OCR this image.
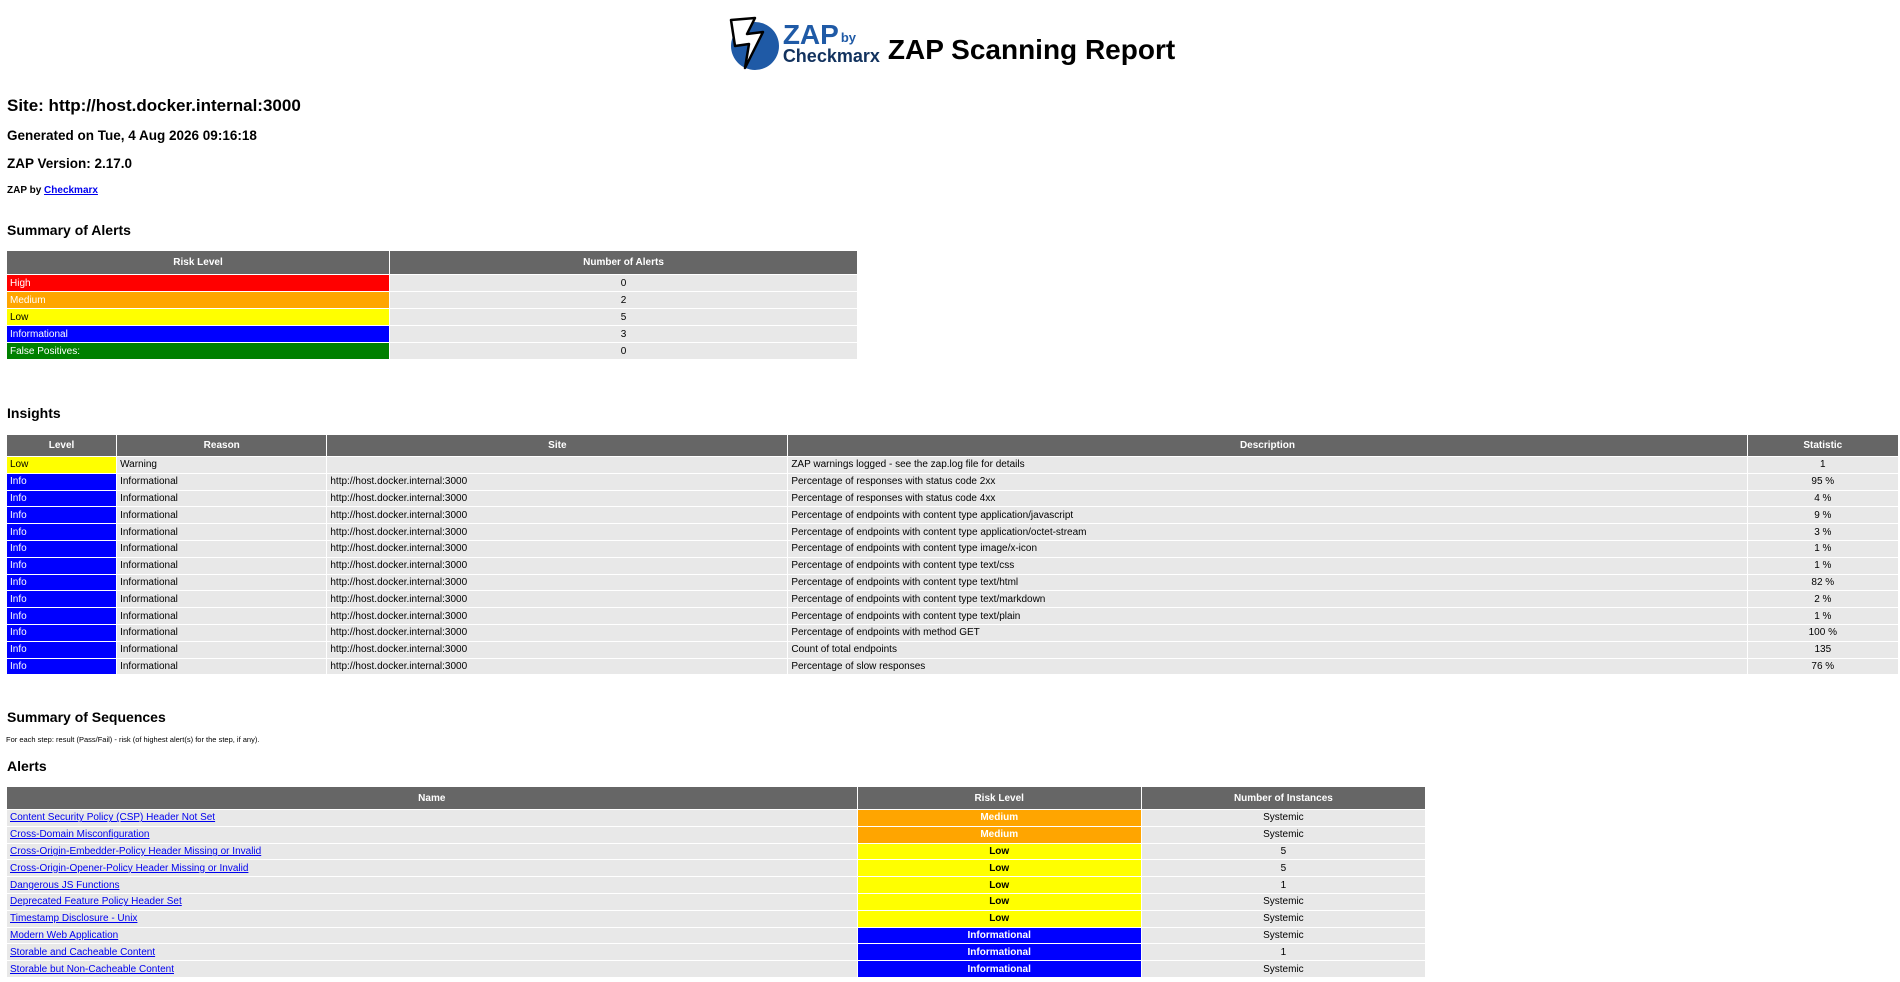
ZAP by
Checkmarx ZAP Scanning Report
Site: http://host.docker.internal:3000
Generated on Tue, 4 Aug 2026 09:16:18
ZAP Version: 2.17.0
ZAP by Checkmarx
Summary of Alerts
Risk Level	Number of Alerts
High	0
Medium	2
Low	5
Informational	3
False Positives:	0
Insights
Level	Reason	Site	Description	Statistic
Low	Warning		ZAP warnings logged - see the zap.log file for details	1
Info	Informational	http://host.docker.internal:3000	Percentage of responses with status code 2xx	95 %
Info	Informational	http://host.docker.internal:3000	Percentage of responses with status code 4xx	4 %
Info	Informational	http://host.docker.internal:3000	Percentage of endpoints with content type application/javascript	9 %
Info	Informational	http://host.docker.internal:3000	Percentage of endpoints with content type application/octet-stream	3 %
Info	Informational	http://host.docker.internal:3000	Percentage of endpoints with content type image/x-icon	1 %
Info	Informational	http://host.docker.internal:3000	Percentage of endpoints with content type text/css	1 %
Info	Informational	http://host.docker.internal:3000	Percentage of endpoints with content type text/html	82 %
Info	Informational	http://host.docker.internal:3000	Percentage of endpoints with content type text/markdown	2 %
Info	Informational	http://host.docker.internal:3000	Percentage of endpoints with content type text/plain	1 %
Info	Informational	http://host.docker.internal:3000	Percentage of endpoints with method GET	100 %
Info	Informational	http://host.docker.internal:3000	Count of total endpoints	135
Info	Informational	http://host.docker.internal:3000	Percentage of slow responses	76 %
Summary of Sequences
For each step: result (Pass/Fail) - risk (of highest alert(s) for the step, if any).
Alerts
Name	Risk Level	Number of Instances
Content Security Policy (CSP) Header Not Set	Medium	Systemic
Cross-Domain Misconfiguration	Medium	Systemic
Cross-Origin-Embedder-Policy Header Missing or Invalid	Low	5
Cross-Origin-Opener-Policy Header Missing or Invalid	Low	5
Dangerous JS Functions	Low	1
Deprecated Feature Policy Header Set	Low	Systemic
Timestamp Disclosure - Unix	Low	Systemic
Modern Web Application	Informational	Systemic
Storable and Cacheable Content	Informational	1
Storable but Non-Cacheable Content	Informational	Systemic
